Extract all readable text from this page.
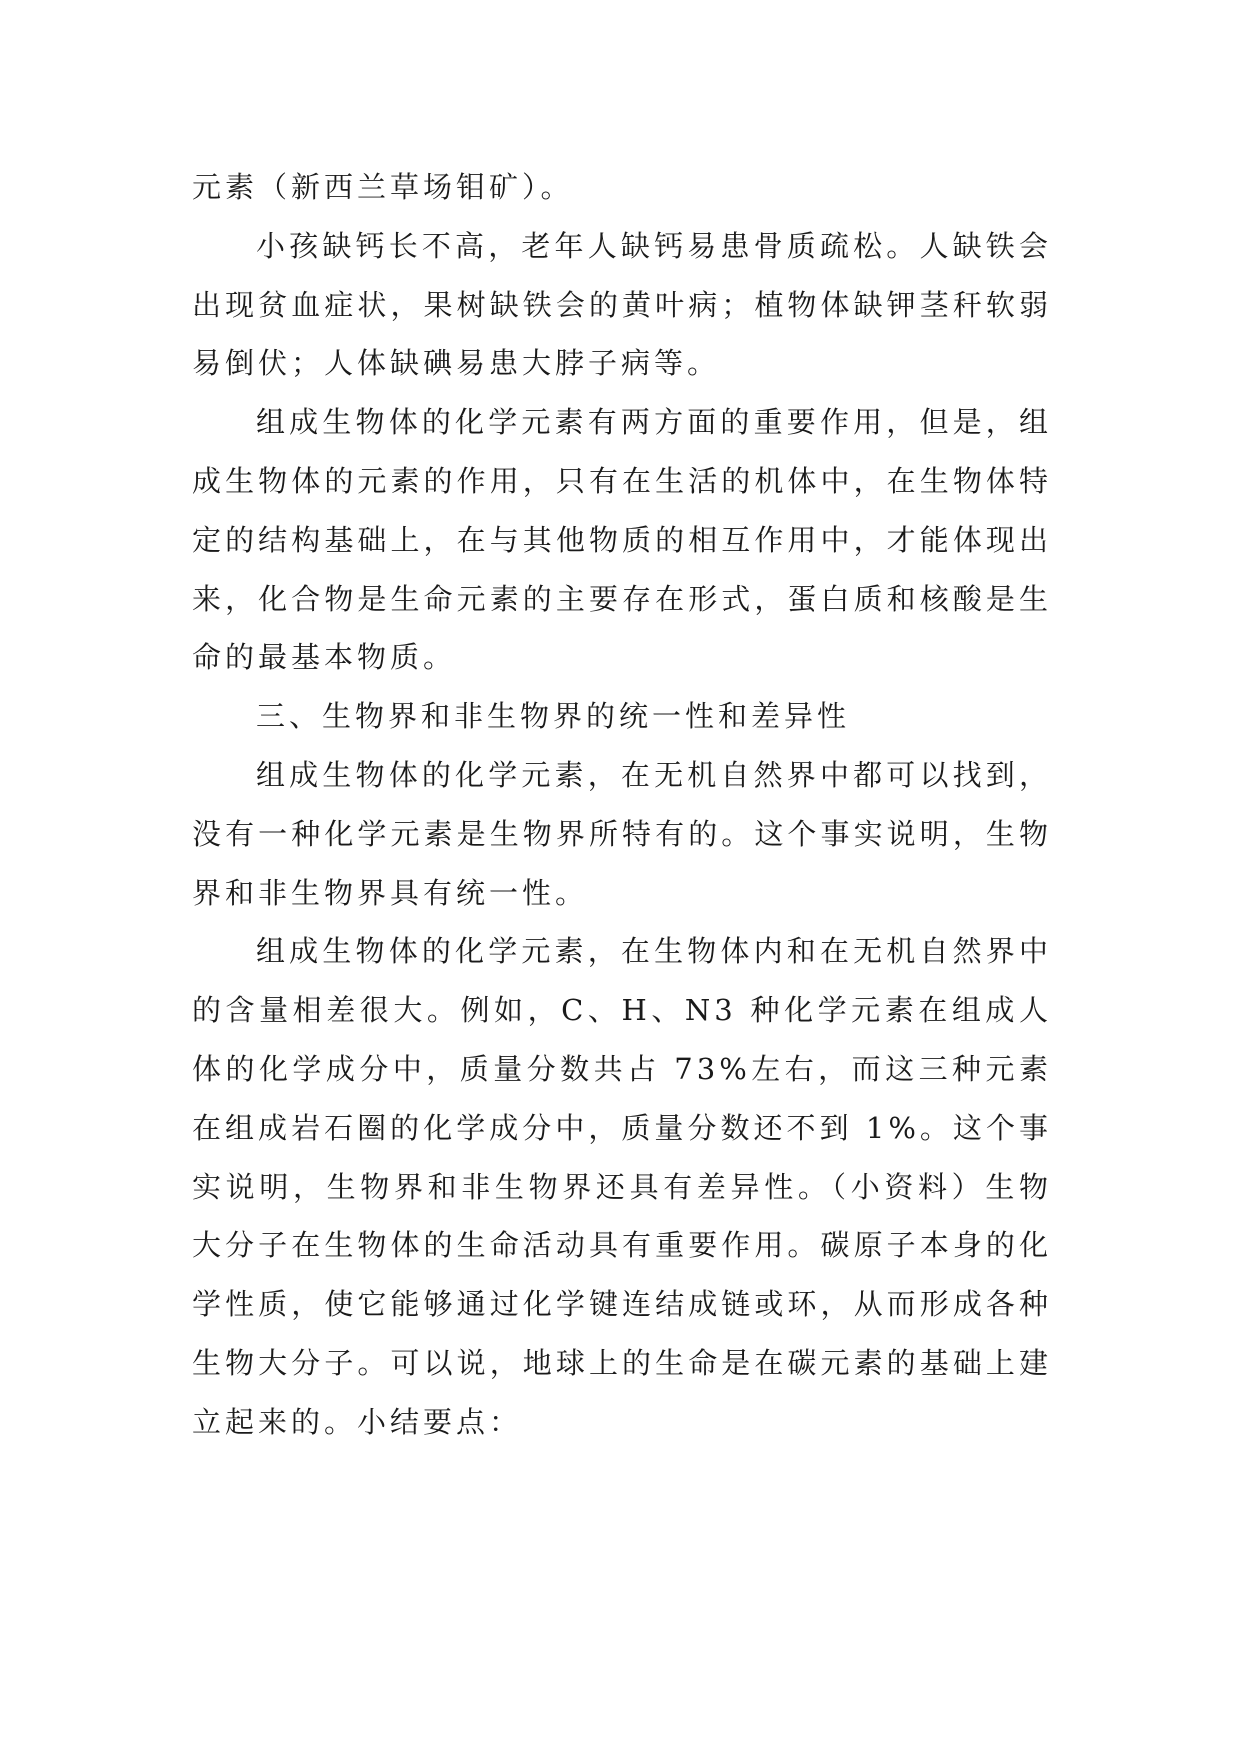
元素（新西兰草场钼矿）。

小孩缺钙长不高，老年人缺钙易患骨质疏松。人缺铁会出现贫血症状，果树缺铁会的黄叶病；植物体缺钾茎秆软弱易倒伏；人体缺碘易患大脖子病等。

组成生物体的化学元素有两方面的重要作用，但是，组成生物体的元素的作用，只有在生活的机体中，在生物体特定的结构基础上，在与其他物质的相互作用中，才能体现出来，化合物是生命元素的主要存在形式，蛋白质和核酸是生命的最基本物质。

三、生物界和非生物界的统一性和差异性

组成生物体的化学元素，在无机自然界中都可以找到，没有一种化学元素是生物界所特有的。这个事实说明，生物界和非生物界具有统一性。

组成生物体的化学元素，在生物体内和在无机自然界中的含量相差很大。例如，C、H、N3 种化学元素在组成人体的化学成分中，质量分数共占 73%左右，而这三种元素在组成岩石圈的化学成分中，质量分数还不到 1%。这个事实说明，生物界和非生物界还具有差异性。（小资料）生物大分子在生物体的生命活动具有重要作用。碳原子本身的化学性质，使它能够通过化学键连结成链或环，从而形成各种生物大分子。可以说，地球上的生命是在碳元素的基础上建立起来的。小结要点：
